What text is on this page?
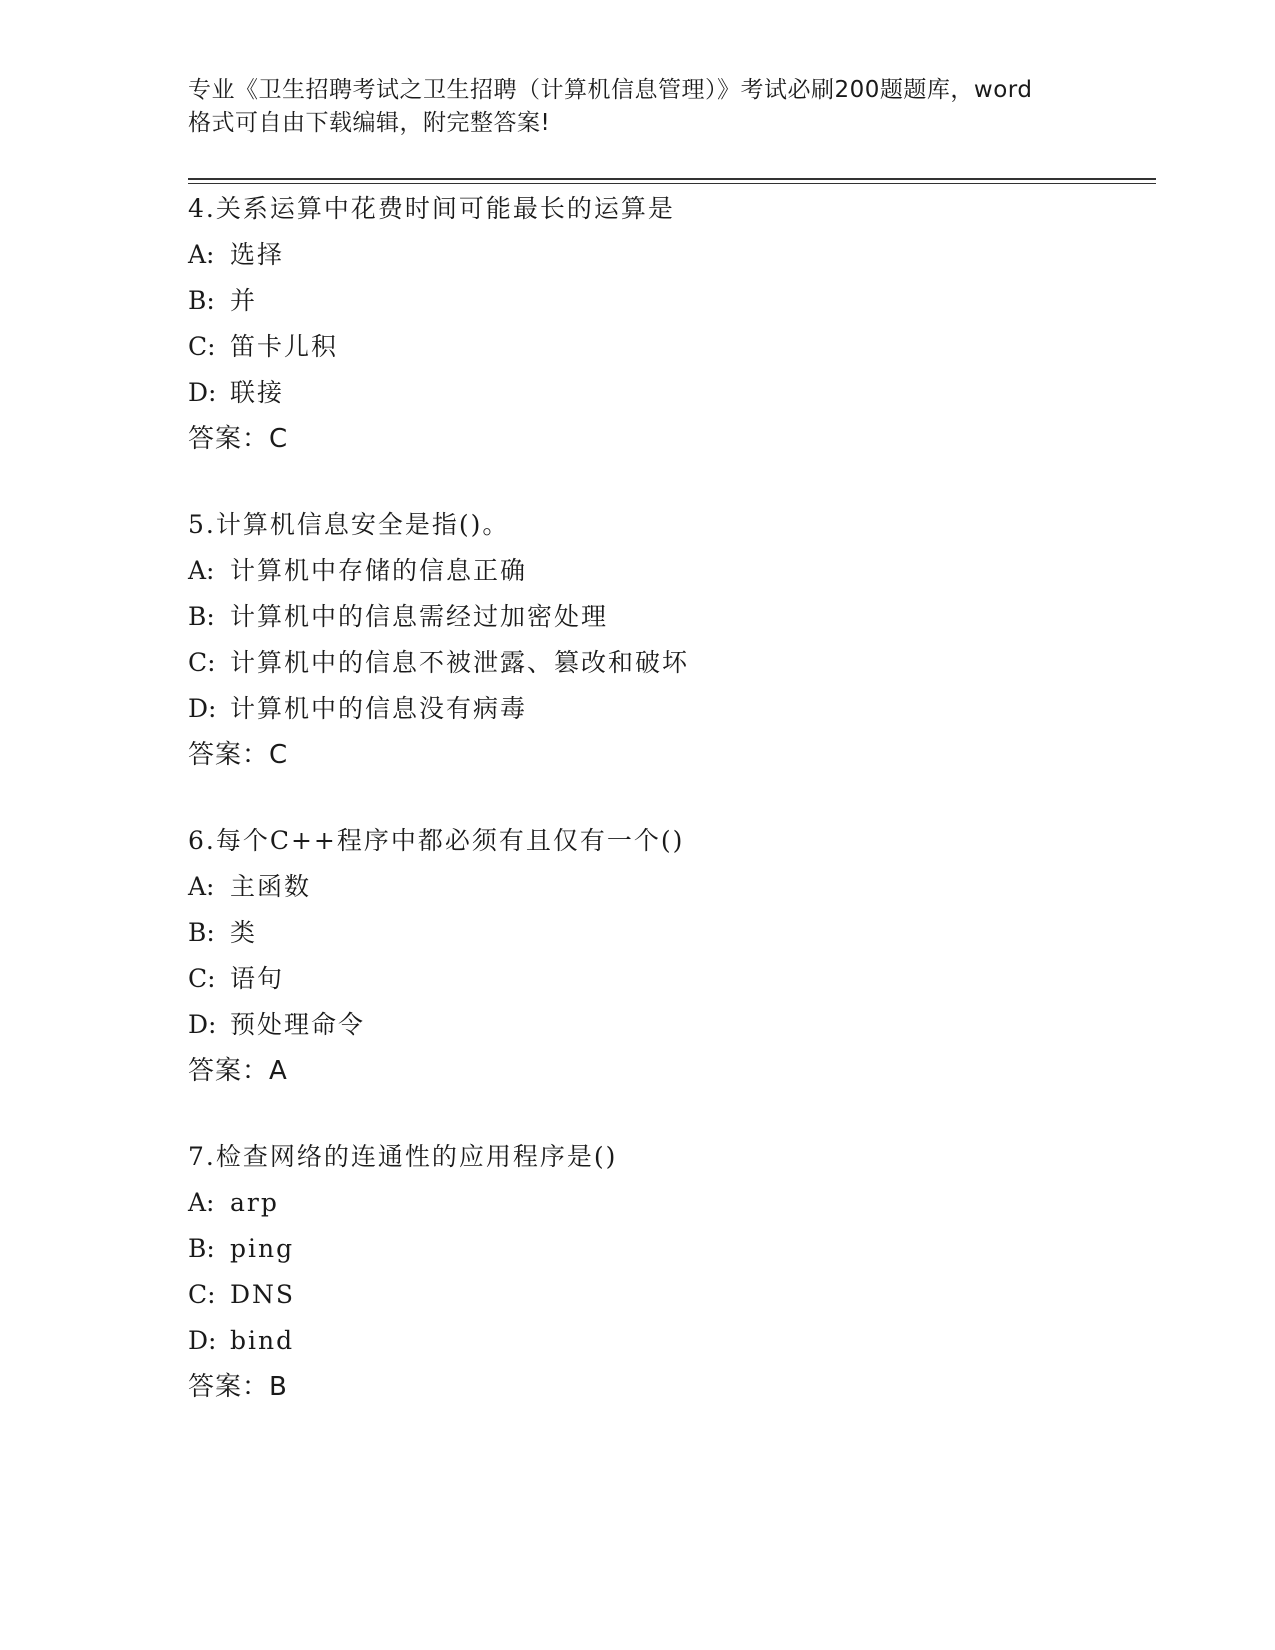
专业《卫生招聘考试之卫生招聘（计算机信息管理）》考试必刷200题题库，word
格式可自由下载编辑，附完整答案!
4.关系运算中花费时间可能最长的运算是
A: 选择
B: 并
C: 笛卡儿积
D: 联接
答案：C
5.计算机信息安全是指()。
A: 计算机中存储的信息正确
B: 计算机中的信息需经过加密处理
C: 计算机中的信息不被泄露、篡改和破坏
D: 计算机中的信息没有病毒
答案：C
6.每个C++程序中都必须有且仅有一个()
A: 主函数
B: 类
C: 语句
D: 预处理命令
答案：A
7.检查网络的连通性的应用程序是()
A: arp
B: ping
C: DNS
D: bind
答案：B
